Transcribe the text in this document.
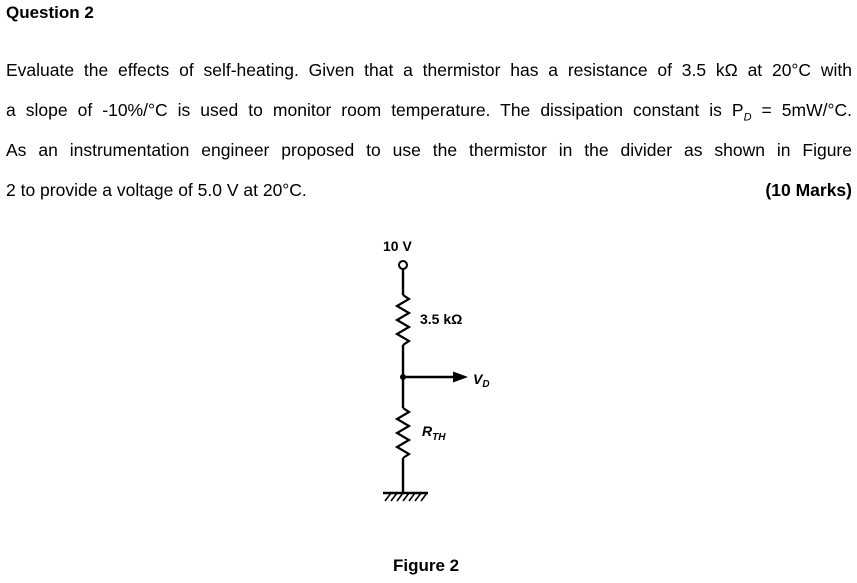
Question 2
Evaluate the effects of self-heating. Given that a thermistor has a resistance of 3.5 kΩ at 20°C with
a slope of -10%/°C is used to monitor room temperature. The dissipation constant is $P_D = 5mW/^\circ C$.
As an instrumentation engineer proposed to use the thermistor in the divider as shown in Figure
2 to provide a voltage of 5.0 V at 20°C.	(10 Marks)
10 V
3.5 kΩ
$V_D$
$R_{TH}$
Figure 2
